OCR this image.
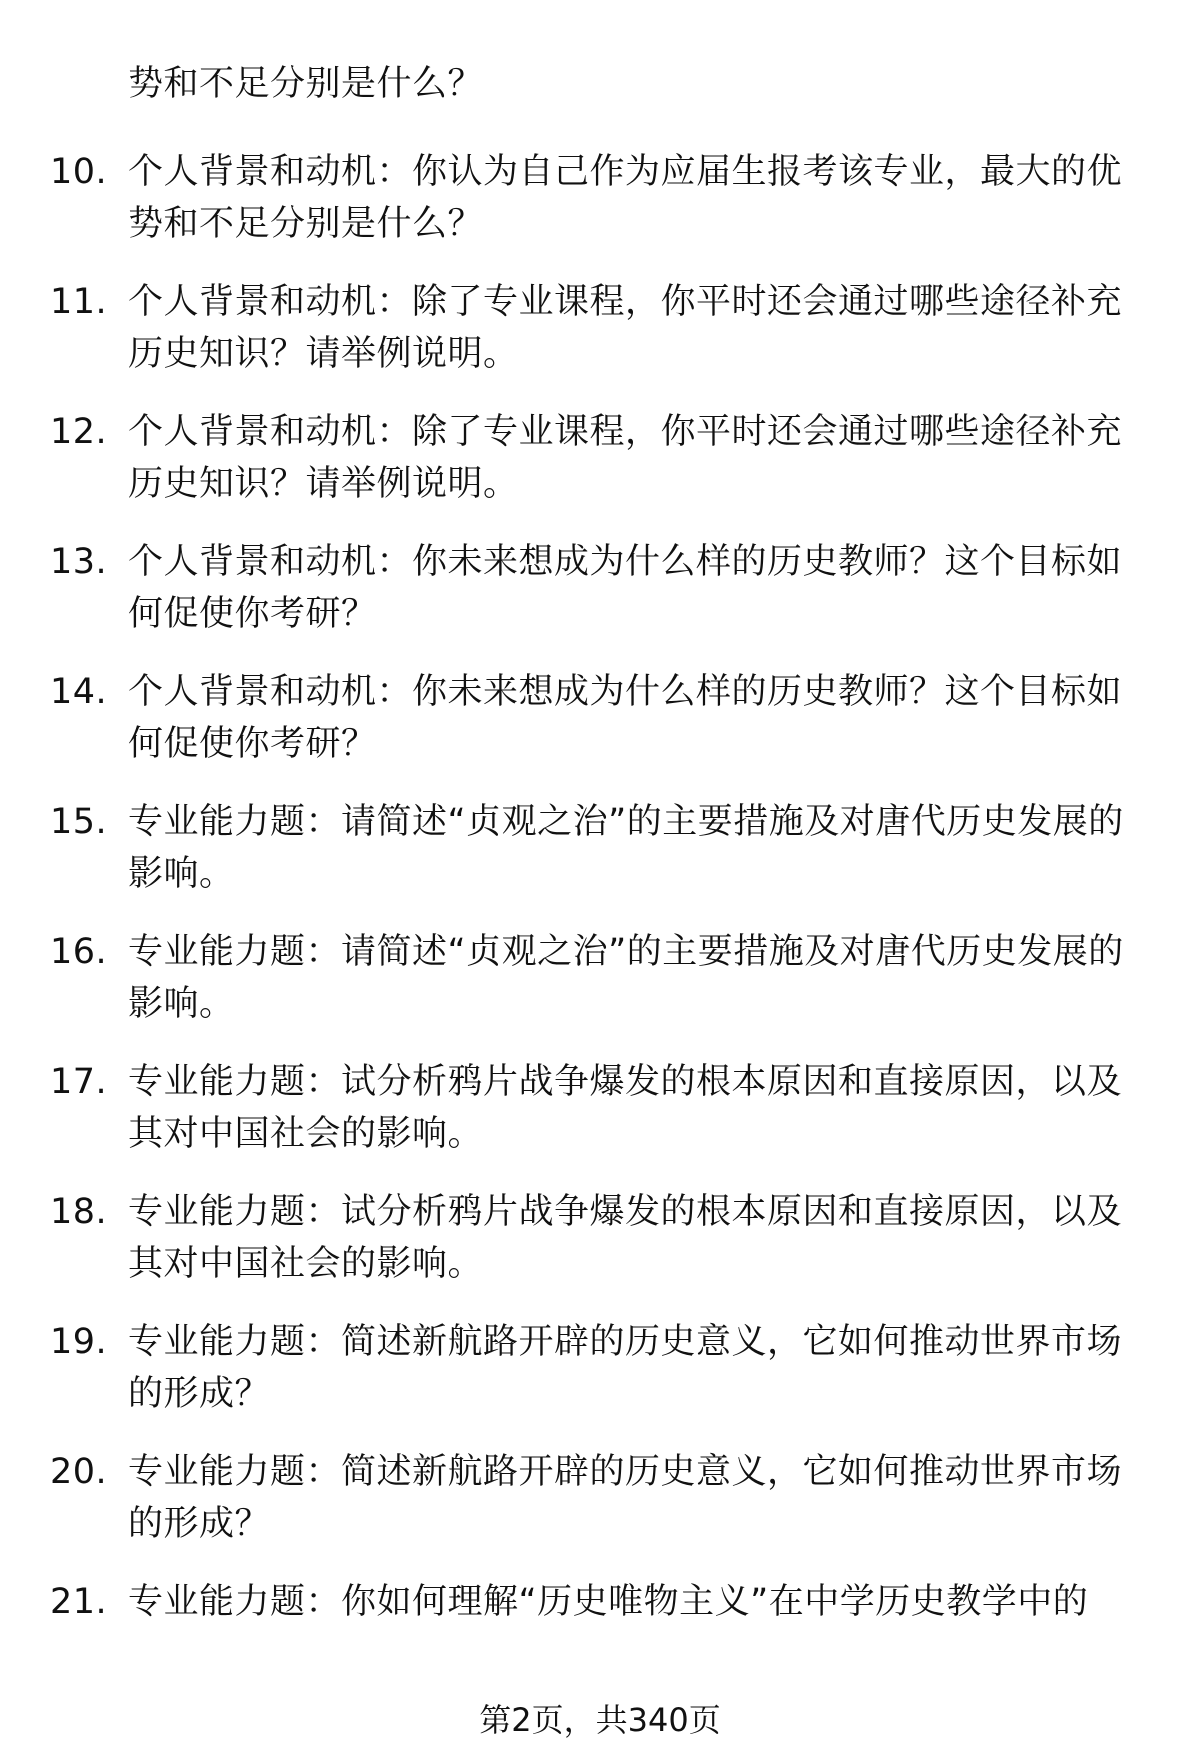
势和不足分别是什么？
10. 个人背景和动机：你认为自己作为应届生报考该专业，最大的优势和不足分别是什么？
11. 个人背景和动机：除了专业课程，你平时还会通过哪些途径补充历史知识？请举例说明。
12. 个人背景和动机：除了专业课程，你平时还会通过哪些途径补充历史知识？请举例说明。
13. 个人背景和动机：你未来想成为什么样的历史教师？这个目标如何促使你考研？
14. 个人背景和动机：你未来想成为什么样的历史教师？这个目标如何促使你考研？
15. 专业能力题：请简述“贞观之治”的主要措施及对唐代历史发展的影响。
16. 专业能力题：请简述“贞观之治”的主要措施及对唐代历史发展的影响。
17. 专业能力题：试分析鸦片战争爆发的根本原因和直接原因，以及其对中国社会的影响。
18. 专业能力题：试分析鸦片战争爆发的根本原因和直接原因，以及其对中国社会的影响。
19. 专业能力题：简述新航路开辟的历史意义，它如何推动世界市场的形成？
20. 专业能力题：简述新航路开辟的历史意义，它如何推动世界市场的形成？
21. 专业能力题：你如何理解“历史唯物主义”在中学历史教学中的
第2页，共340页
